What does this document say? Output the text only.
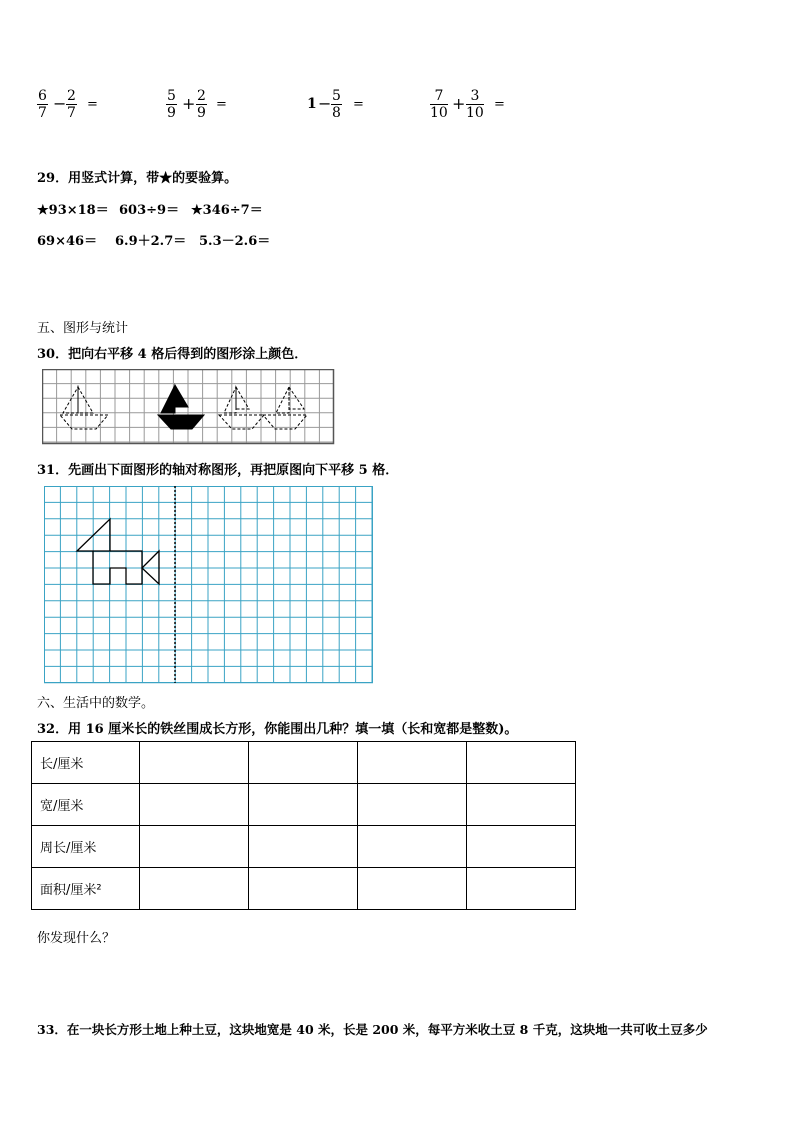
$\frac{6}{7} - \frac{2}{7}$ =	$\frac{5}{9} + \frac{2}{9}$ =	$1 - \frac{5}{8}$ =	$\frac{7}{10} + \frac{3}{10}$ =
29．用竖式计算，带★的要验算。
★93×18＝ 603÷9＝ ★346÷7＝
69×46＝ 6.9＋2.7＝ 5.3－2.6＝
五、图形与统计
30．把向右平移 4 格后得到的图形涂上颜色．
31．先画出下面图形的轴对称图形，再把原图向下平移 5 格．
六、生活中的数学。
32．用 16 厘米长的铁丝围成长方形，你能围出几种？填一填（长和宽都是整数)。
长/厘米				
宽/厘米				
周长/厘米				
面积/厘米²				
你发现什么？
33．在一块长方形土地上种土豆，这块地宽是 40 米，长是 200 米，每平方米收土豆 8 千克，这块地一共可收土豆多少
